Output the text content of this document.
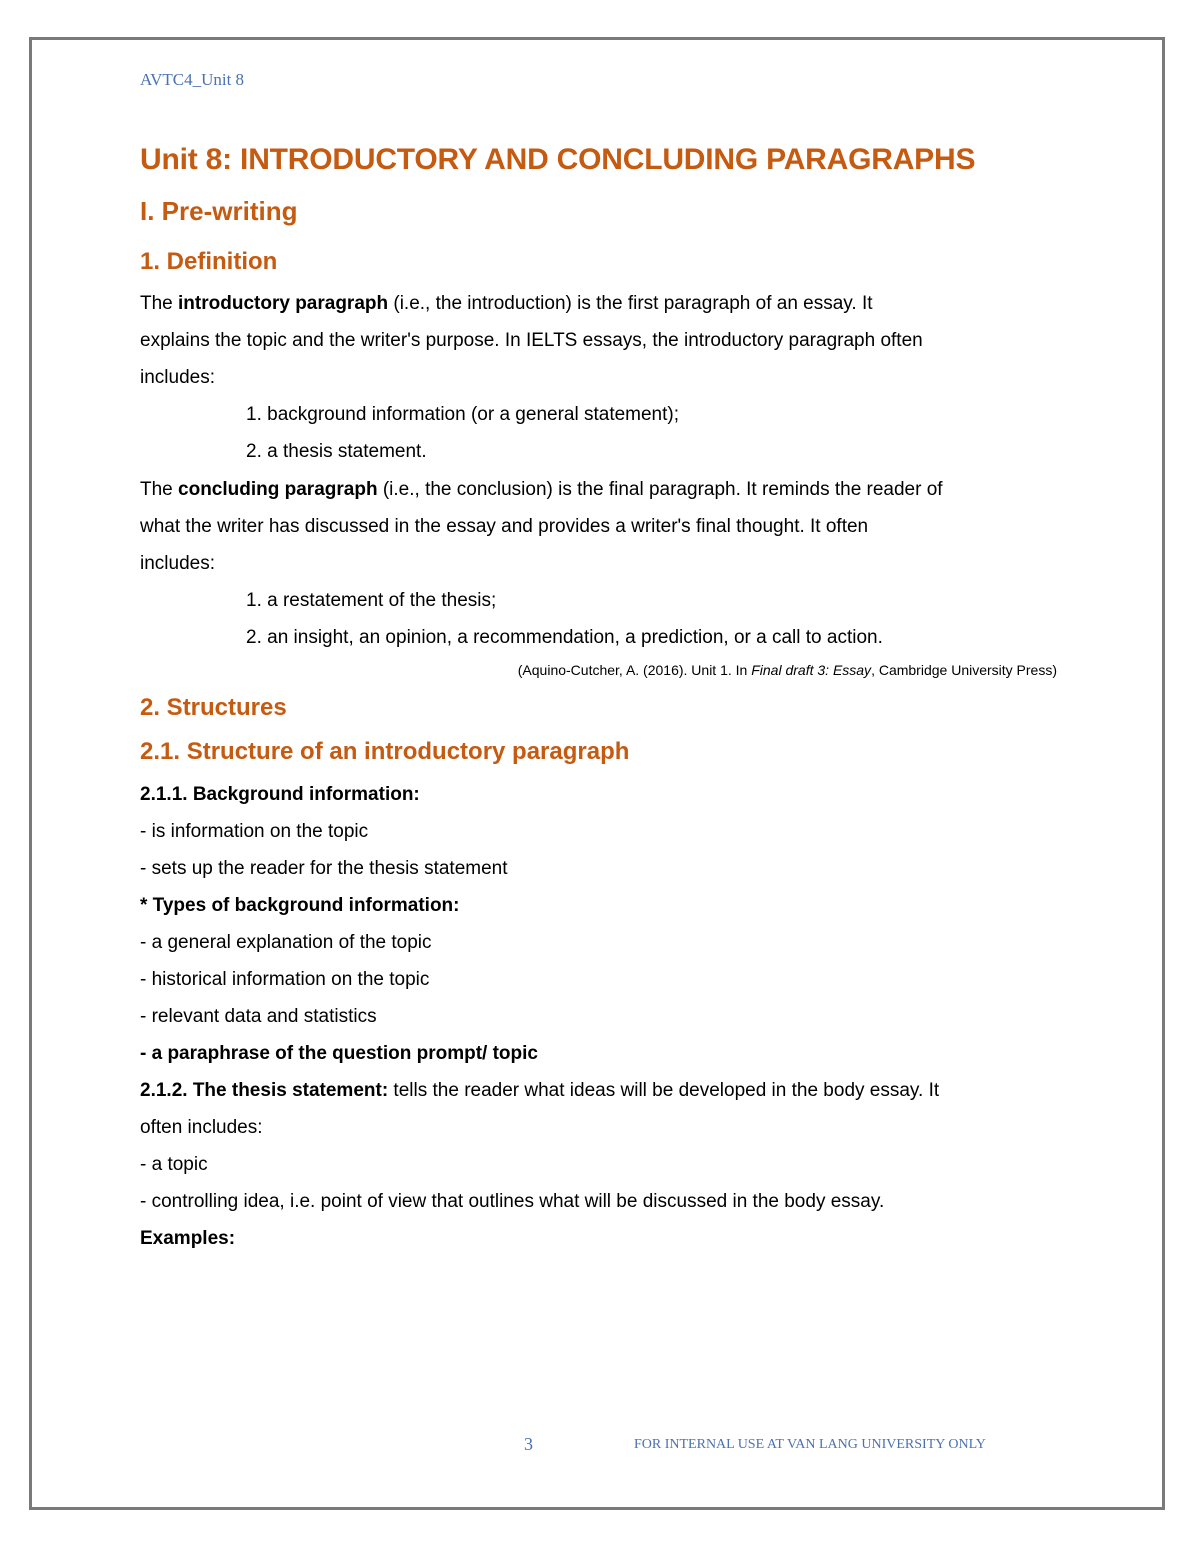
AVTC4_Unit 8

Unit 8: INTRODUCTORY AND CONCLUDING PARAGRAPHS
I. Pre-writing
1. Definition
The introductory paragraph (i.e., the introduction) is the first paragraph of an essay. It
explains the topic and the writer's purpose. In IELTS essays, the introductory paragraph often
includes:
1. background information (or a general statement);
2. a thesis statement.
The concluding paragraph (i.e., the conclusion) is the final paragraph. It reminds the reader of
what the writer has discussed in the essay and provides a writer's final thought. It often
includes:
1. a restatement of the thesis;
2. an insight, an opinion, a recommendation, a prediction, or a call to action.
(Aquino-Cutcher, A. (2016). Unit 1. In Final draft 3: Essay, Cambridge University Press)
2. Structures
2.1. Structure of an introductory paragraph
2.1.1. Background information:
- is information on the topic
- sets up the reader for the thesis statement
* Types of background information:
- a general explanation of the topic
- historical information on the topic
- relevant data and statistics
- a paraphrase of the question prompt/ topic
2.1.2. The thesis statement: tells the reader what ideas will be developed in the body essay. It
often includes:
- a topic
- controlling idea, i.e. point of view that outlines what will be discussed in the body essay.
Examples:
3	FOR INTERNAL USE AT VAN LANG UNIVERSITY ONLY
